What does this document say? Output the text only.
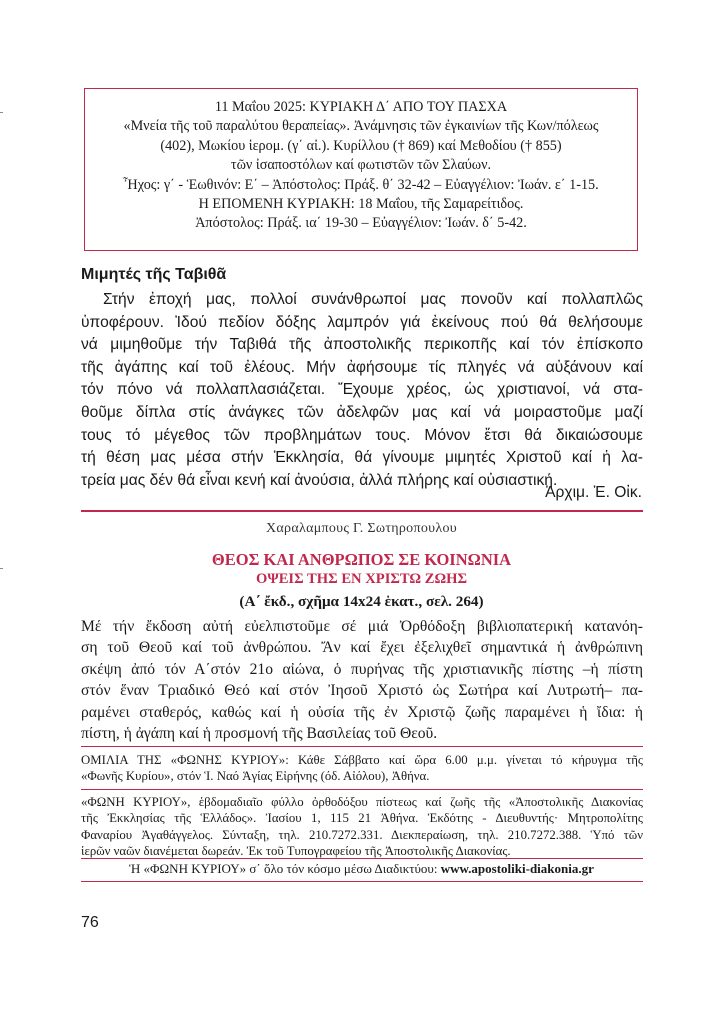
11 Μαΐου 2025: ΚΥΡΙΑΚΗ Δ΄ ΑΠΟ ΤΟΥ ΠΑΣΧΑ
«Μνεία τῆς τοῦ παραλύτου θεραπείας». Ἀνάμνησις τῶν ἐγκαινίων τῆς Κων/πόλεως
(402), Μωκίου ἱερομ. (γ΄ αἰ.). Κυρίλλου († 869) καί Μεθοδίου († 855)
τῶν ἰσαποστόλων καί φωτιστῶν τῶν Σλαύων.
Ἦχος: γ΄ - Ἑωθινόν: Ε΄ – Ἀπόστολος: Πράξ. θ΄ 32-42 – Εὐαγγέλιον: Ἰωάν. ε΄ 1-15.
Η ΕΠΟΜΕΝΗ ΚΥΡΙΑΚΗ: 18 Μαΐου, τῆς Σαμαρείτιδος.
Ἀπόστολος: Πράξ. ια΄ 19-30 – Εὐαγγέλιον: Ἰωάν. δ΄ 5-42.
Μιμητές τῆς Ταβιθᾶ
Στήν ἐποχή μας, πολλοί συνάνθρωποί μας πονοῦν καί πολλαπλῶς
ὑποφέρουν. Ἰδού πεδίον δόξης λαμπρόν γιά ἐκείνους πού θά θελήσουμε
νά μιμηθοῦμε τήν Ταβιθά τῆς ἀποστολικῆς περικοπῆς καί τόν ἐπίσκοπο
τῆς ἀγάπης καί τοῦ ἐλέους. Μήν ἀφήσουμε τίς πληγές νά αὐξάνουν καί
τόν πόνο νά πολλαπλασιάζεται. Ἔχουμε χρέος, ὡς χριστιανοί, νά στα-
θοῦμε δίπλα στίς ἀνάγκες τῶν ἀδελφῶν μας καί νά μοιραστοῦμε μαζί
τους τό μέγεθος τῶν προβλημάτων τους. Μόνον ἔτσι θά δικαιώσουμε
τή θέση μας μέσα στήν Ἐκκλησία, θά γίνουμε μιμητές Χριστοῦ καί ἡ λα-
τρεία μας δέν θά εἶναι κενή καί ἀνούσια, ἀλλά πλήρης καί οὐσιαστική.
Ἀρχιμ. Ἐ. Οἰκ.
Χαραλαμπους Γ. Σωτηροπουλου
ΘΕΟΣ ΚΑΙ ΑΝΘΡΩΠΟΣ ΣΕ ΚΟΙΝΩΝΙΑ
ΟΨΕΙΣ ΤΗΣ ΕΝ ΧΡΙΣΤΩ ΖΩΗΣ
(Α΄ ἔκδ., σχῆμα 14x24 ἑκατ., σελ. 264)
Μέ τήν ἔκδοση αὐτή εὐελπιστοῦμε σέ μιά Ὀρθόδοξη βιβλιοπατερική κατανόη-
ση τοῦ Θεοῦ καί τοῦ ἀνθρώπου. Ἄν καί ἔχει ἐξελιχθεῖ σημαντικά ἡ ἀνθρώπινη
σκέψη ἀπό τόν Α΄στόν 21ο αἰώνα, ὁ πυρήνας τῆς χριστιανικῆς πίστης –ἡ πίστη
στόν ἕναν Τριαδικό Θεό καί στόν Ἰησοῦ Χριστό ὡς Σωτήρα καί Λυτρωτή– πα-
ραμένει σταθερός, καθώς καί ἡ οὐσία τῆς ἐν Χριστῷ ζωῆς παραμένει ἡ ἴδια: ἡ
πίστη, ἡ ἀγάπη καί ἡ προσμονή τῆς Βασιλείας τοῦ Θεοῦ.
ΟΜΙΛΙΑ ΤΗΣ «ΦΩΝΗΣ ΚΥΡΙΟΥ»: Κάθε Σάββατο καί ὥρα 6.00 μ.μ. γίνεται τό κήρυγμα τῆς
«Φωνῆς Κυρίου», στόν Ἱ. Ναό Ἁγίας Εἰρήνης (όδ. Αἰόλου), Ἀθήνα.
«ΦΩΝΗ ΚΥΡΙΟΥ», ἑβδομαδιαῖο φύλλο ὀρθοδόξου πίστεως καί ζωῆς τῆς «Ἀποστολικῆς Διακονίας
τῆς Ἐκκλησίας τῆς Ἑλλάδος». Ἰασίου 1, 115 21 Ἀθήνα. Ἐκδότης - Διευθυντής· Μητροπολίτης
Φαναρίου Ἀγαθάγγελος. Σύνταξη, τηλ. 210.7272.331. Διεκπεραίωση, τηλ. 210.7272.388. Ὑπό τῶν
ἱερῶν ναῶν διανέμεται δωρεάν. Ἐκ τοῦ Τυπογραφείου τῆς Ἀποστολικῆς Διακονίας.
Ἡ «ΦΩΝΗ ΚΥΡΙΟΥ» σ΄ ὅλο τόν κόσμο μέσω Διαδικτύου: www.apostoliki-diakonia.gr
76
